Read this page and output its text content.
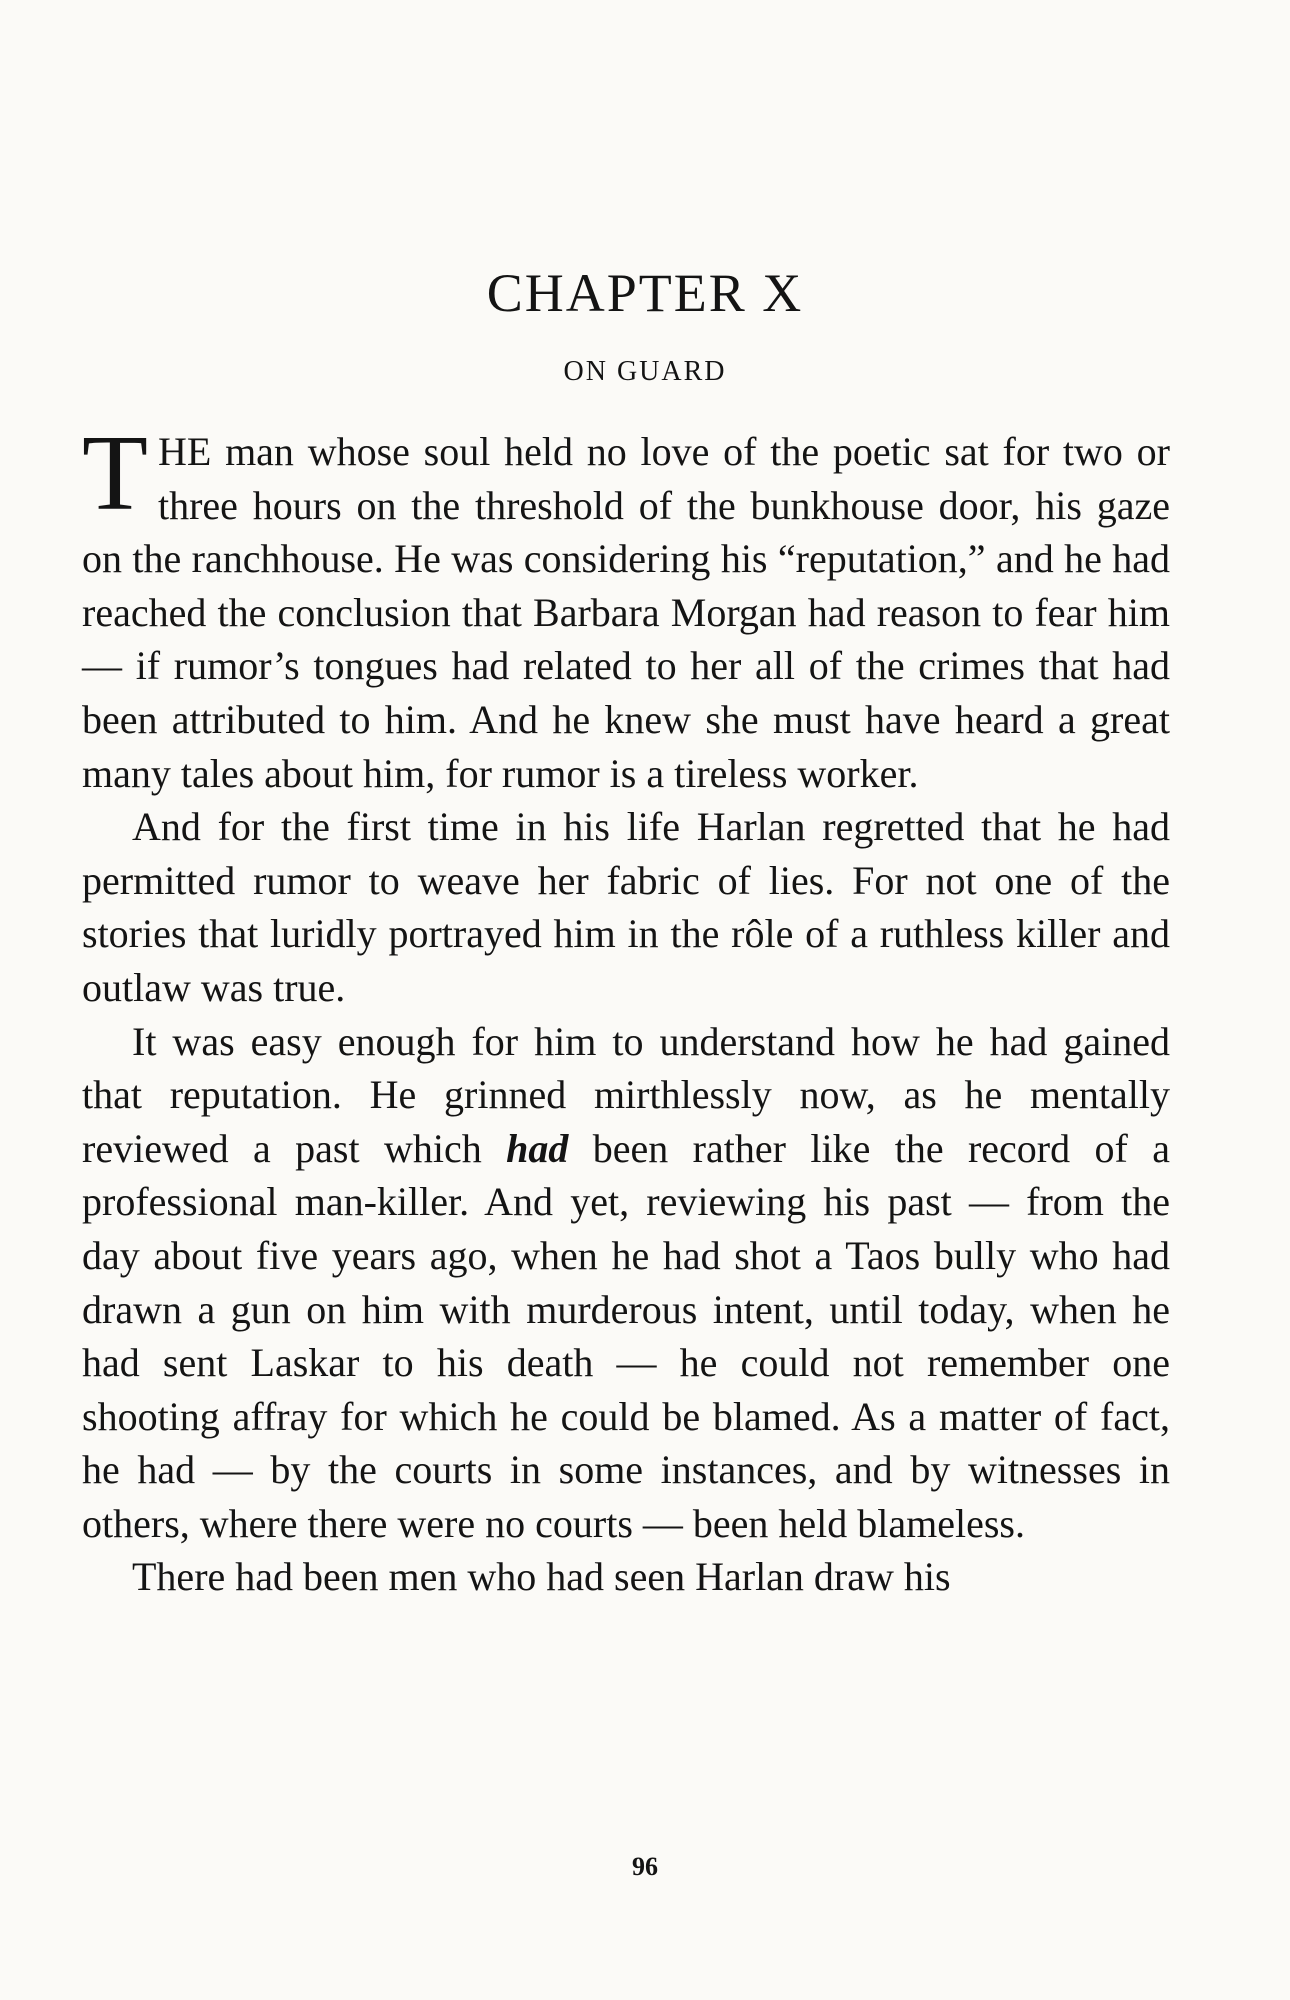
CHAPTER X
ON GUARD

THE man whose soul held no love of the poetic sat for two or three hours on the threshold of the bunkhouse door, his gaze on the ranchhouse. He was considering his “reputation,” and he had reached the conclusion that Barbara Morgan had reason to fear him — if rumor’s tongues had related to her all of the crimes that had been attributed to him. And he knew she must have heard a great many tales about him, for rumor is a tireless worker.

And for the first time in his life Harlan regretted that he had permitted rumor to weave her fabric of lies. For not one of the stories that luridly portrayed him in the rôle of a ruthless killer and outlaw was true.

It was easy enough for him to understand how he had gained that reputation. He grinned mirthlessly now, as he mentally reviewed a past which had been rather like the record of a professional man-killer. And yet, reviewing his past — from the day about five years ago, when he had shot a Taos bully who had drawn a gun on him with murderous intent, until today, when he had sent Laskar to his death — he could not remember one shooting affray for which he could be blamed. As a matter of fact, he had — by the courts in some instances, and by witnesses in others, where there were no courts — been held blameless.

There had been men who had seen Harlan draw his

96
